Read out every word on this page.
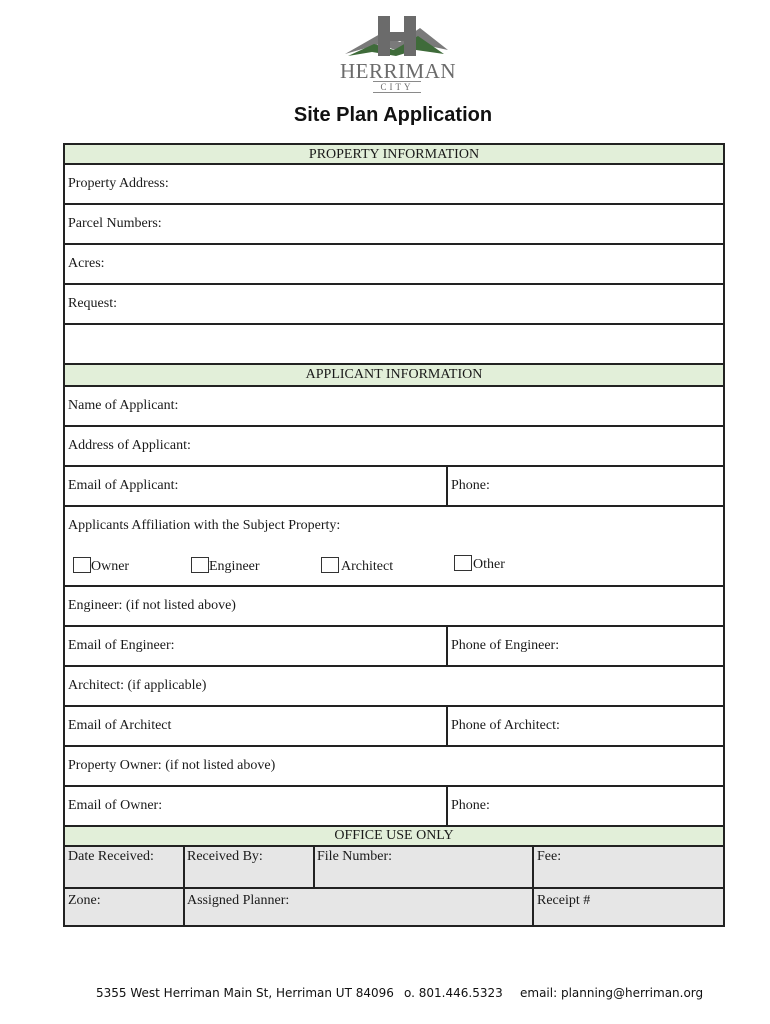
HERRIMAN
CITY
Site Plan Application
PROPERTY INFORMATION
Property Address:
Parcel Numbers:
Acres:
Request:
APPLICANT INFORMATION
Name of Applicant:
Address of Applicant:
Email of Applicant:	Phone:
Applicants Affiliation with the Subject Property:
Owner	Engineer	Architect	Other
Engineer: (if not listed above)
Email of Engineer:	Phone of Engineer:
Architect: (if applicable)
Email of Architect	Phone of Architect:
Property Owner: (if not listed above)
Email of Owner:	Phone:
OFFICE USE ONLY
Date Received: Received By:	File Number:	Fee:
Zone:	Assigned Planner:	Receipt #
5355 West Herriman Main St, Herriman UT 84096 o. 801.446.5323 email: planning@herriman.org
